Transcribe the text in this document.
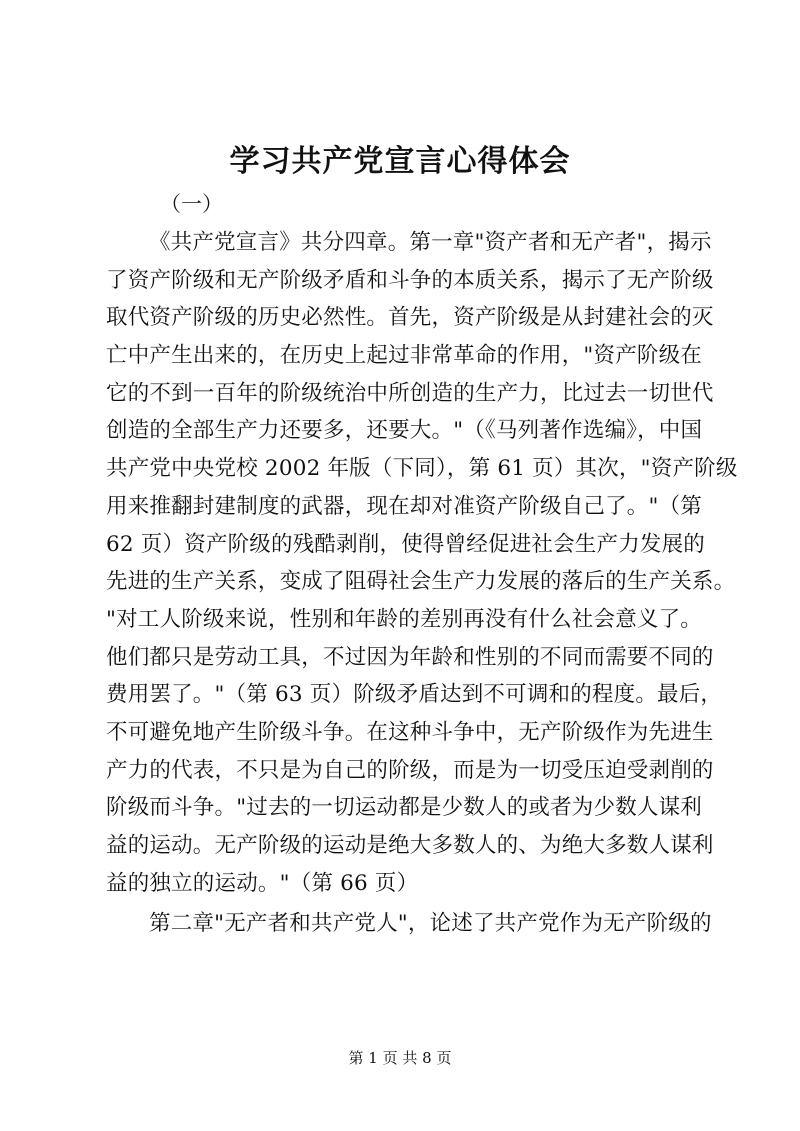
学习共产党宣言心得体会
（一）
《共产党宣言》共分四章。第一章"资产者和无产者"，揭示
了资产阶级和无产阶级矛盾和斗争的本质关系，揭示了无产阶级
取代资产阶级的历史必然性。首先，资产阶级是从封建社会的灭
亡中产生出来的，在历史上起过非常革命的作用，"资产阶级在
它的不到一百年的阶级统治中所创造的生产力，比过去一切世代
创造的全部生产力还要多，还要大。"（《马列著作选编》，中国
共产党中央党校 2002 年版（下同），第 61 页）其次，"资产阶级
用来推翻封建制度的武器，现在却对准资产阶级自己了。"（第
62 页）资产阶级的残酷剥削，使得曾经促进社会生产力发展的
先进的生产关系，变成了阻碍社会生产力发展的落后的生产关系。
"对工人阶级来说，性别和年龄的差别再没有什么社会意义了。
他们都只是劳动工具，不过因为年龄和性别的不同而需要不同的
费用罢了。"（第 63 页）阶级矛盾达到不可调和的程度。最后，
不可避免地产生阶级斗争。在这种斗争中，无产阶级作为先进生
产力的代表，不只是为自己的阶级，而是为一切受压迫受剥削的
阶级而斗争。"过去的一切运动都是少数人的或者为少数人谋利
益的运动。无产阶级的运动是绝大多数人的、为绝大多数人谋利
益的独立的运动。"（第 66 页）
第二章"无产者和共产党人"，论述了共产党作为无产阶级的
第 1 页 共 8 页
